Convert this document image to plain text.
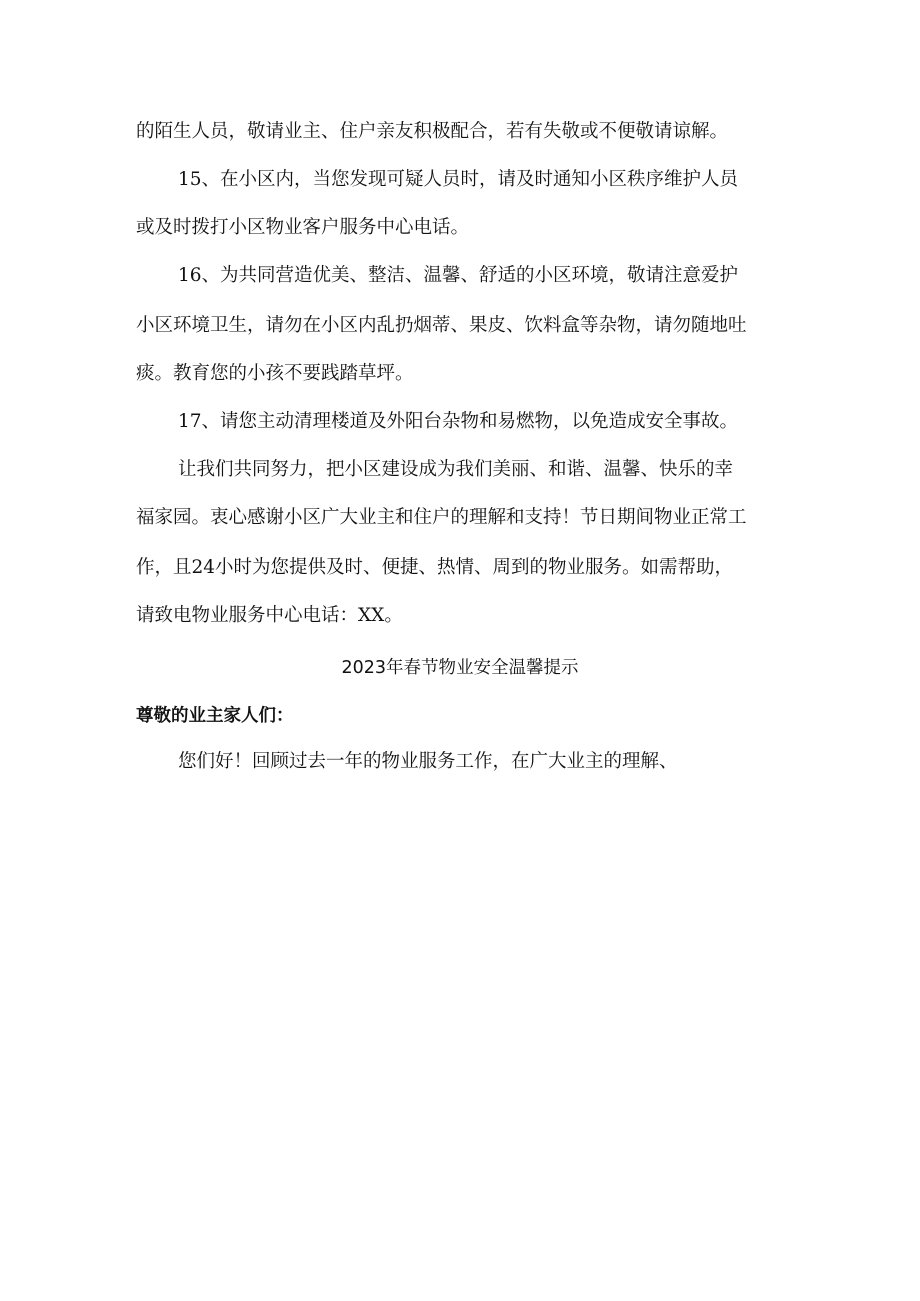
的陌生人员，敬请业主、住户亲友积极配合，若有失敬或不便敬请谅解。

15、在小区内，当您发现可疑人员时，请及时通知小区秩序维护人员

或及时拨打小区物业客户服务中心电话。

16、为共同营造优美、整洁、温馨、舒适的小区环境，敬请注意爱护

小区环境卫生，请勿在小区内乱扔烟蒂、果皮、饮料盒等杂物，请勿随地吐

痰。教育您的小孩不要践踏草坪。

17、请您主动清理楼道及外阳台杂物和易燃物，以免造成安全事故。

让我们共同努力，把小区建设成为我们美丽、和谐、温馨、快乐的幸

福家园。衷心感谢小区广大业主和住户的理解和支持！节日期间物业正常工

作，且24小时为您提供及时、便捷、热情、周到的物业服务。如需帮助，

请致电物业服务中心电话：XX。

2023年春节物业安全温馨提示

尊敬的业主家人们：

您们好！回顾过去一年的物业服务工作，在广大业主的理解、
